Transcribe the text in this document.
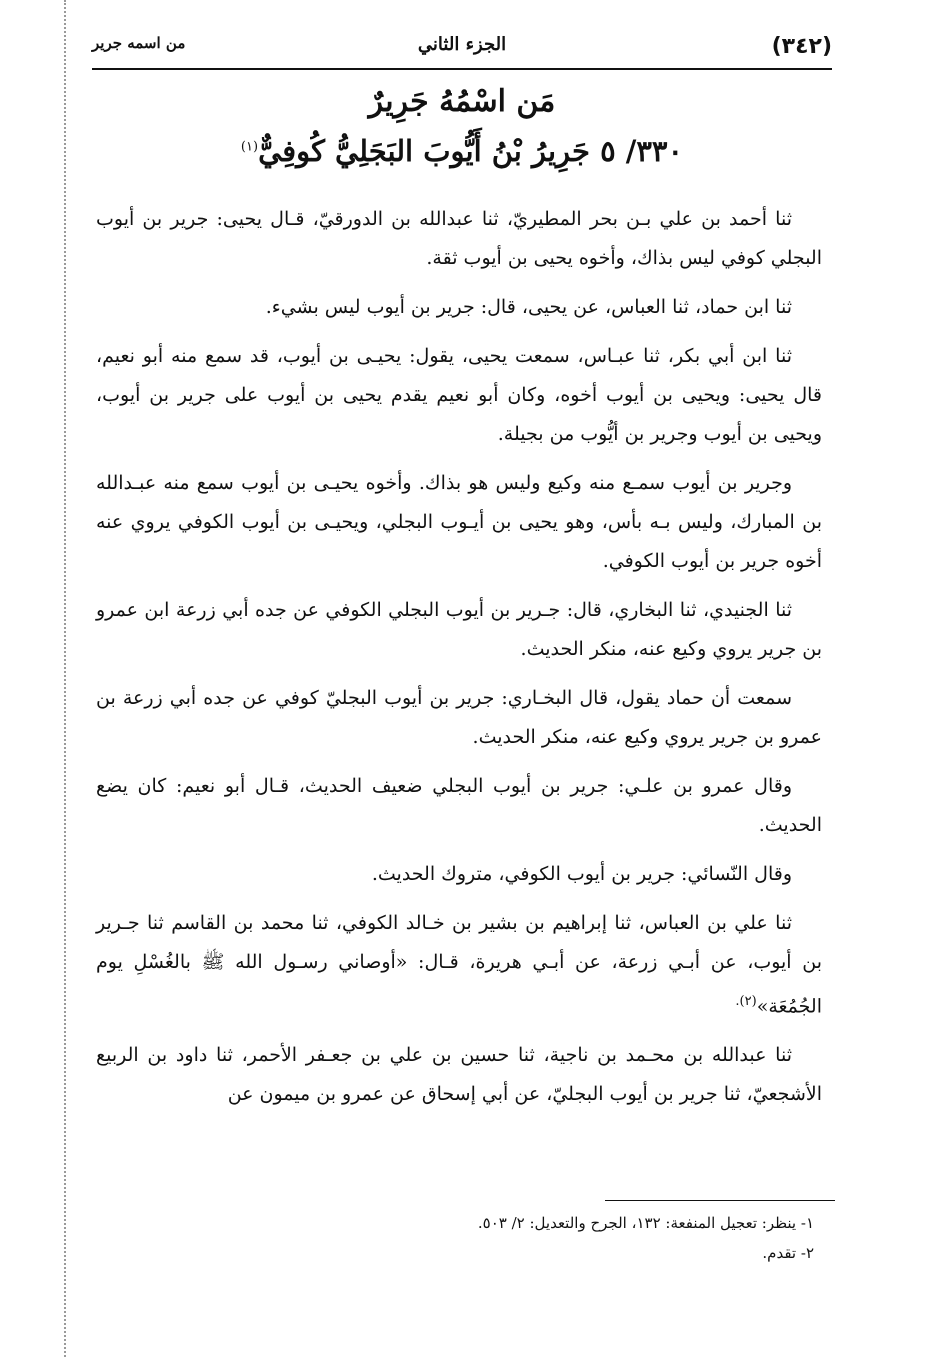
(٣٤٢)
الجزء الثاني
من اسمه جرير
مَن اسْمُهُ جَرِيرٌ
٣٣٠/ ٥ جَرِيرُ بْنُ أَيُّوبَ البَجَلِيُّ كُوفِيٌّ$^{(١)}$

ثنا أحمد بن علي بـن بحر المطيريّ، ثنا عبدالله بن الدورقيّ، قـال يحيى: جرير بن أيوب البجلي كوفي ليس بذاك، وأخوه يحيى بن أيوب ثقة.

ثنا ابن حماد، ثنا العباس، عن يحيى، قال: جرير بن أيوب ليس بشيء.

ثنا ابن أبي بكر، ثنا عبـاس، سمعت يحيى، يقول: يحيـى بن أيوب، قد سمع منه أبو نعيم، قال يحيى: ويحيى بن أيوب أخوه، وكان أبو نعيم يقدم يحيى بن أيوب على جرير بن أيوب، ويحيى بن أيوب وجرير بن أيُّوب من بجيلة.

وجرير بن أيوب سمـع منه وكيع وليس هو بذاك. وأخوه يحيـى بن أيوب سمع منه عبـدالله بن المبارك، وليس بـه بأس، وهو يحيى بن أيـوب البجلي، ويحيـى بن أيوب الكوفي يروي عنه أخوه جرير بن أيوب الكوفي.

ثنا الجنيدي، ثنا البخاري، قال: جـرير بن أيوب البجلي الكوفي عن جده أبي زرعة ابن عمرو بن جرير يروي وكيع عنه، منكر الحديث.

سمعت أن حماد يقول، قال البخـاري: جرير بن أيوب البجليّ كوفي عن جده أبي زرعة بن عمرو بن جرير يروي وكيع عنه، منكر الحديث.

وقال عمرو بن علـي: جرير بن أيوب البجلي ضعيف الحديث، قـال أبو نعيم: كان يضع الحديث.

وقال النّسائي: جرير بن أيوب الكوفي، متروك الحديث.

ثنا علي بن العباس، ثنا إبراهيم بن بشير بن خـالد الكوفي، ثنا محمد بن القاسم ثنا جـرير بن أيوب، عن أبـي زرعة، عن أبـي هريرة، قـال: «أوصاني رسـول الله ﷺ بالغُسْلِ يوم الجُمُعَة»$^{(٢).}$

ثنا عبدالله بن محـمد بن ناجية، ثنا حسين بن علي بن جعـفر الأحمر، ثنا داود بن الربيع الأشجعيّ، ثنا جرير بن أيوب البجليّ، عن أبي إسحاق عن عمرو بن ميمون عن

١- ينظر: تعجيل المنفعة: ١٣٢، الجرح والتعديل: ٢/ ٥٠٣.
٢- تقدم.
